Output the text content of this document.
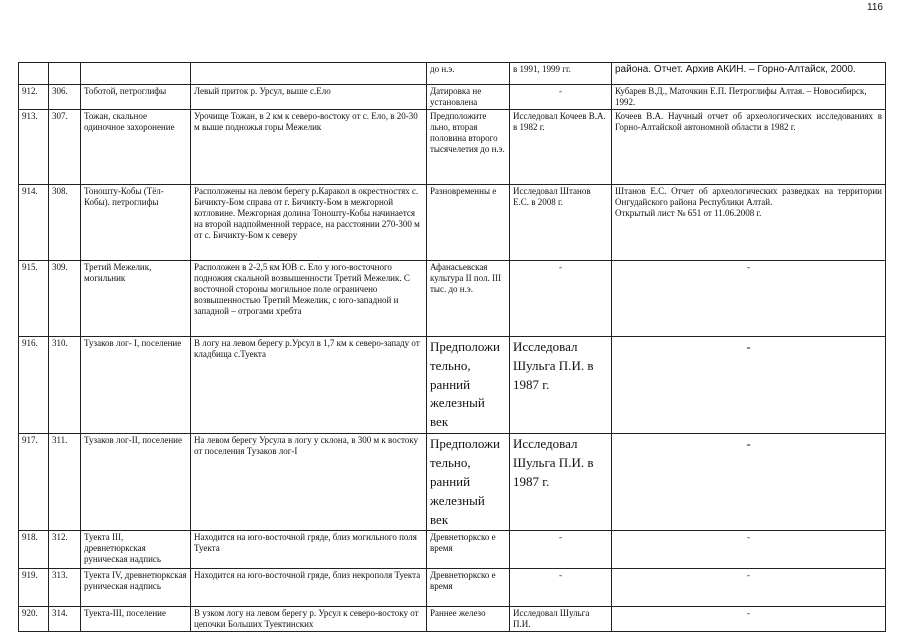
116
				до н.э.	в 1991, 1999 гг.	района. Отчет. Архив АКИН. – Горно-Алтайск, 2000.
912.	306.	Тоботой, петроглифы	Левый приток р. Урсул, выше с.Ело	Датировка не установлена	-	Кубарев В.Д., Маточкин Е.П. Петроглифы Алтая. – Новосибирск, 1992.
913.	307.	Тожан, скальное одиночное захоронение	Урочище Тожан, в 2 км к северо-востоку от с. Ело, в 20-30 м выше подножья горы Межелик	Предположите льно, вторая половина второго тысячелетия до н.э.	Исследовал Кочеев В.А. в 1982 г.	Кочеев В.А. Научный отчет об археологических исследованиях в Горно-Алтайской автономной области в 1982 г.
914.	308.	Тоношту-Кобы (Тёл-Кобы). петроглифы	Расположены на левом берегу р.Каракол в окрестностях с. Бичикту-Бом справа от г. Бичикту-Бом в межгорной котловине. Межгорная долина Тоношту-Кобы начинается на второй надпойменной террасе, на расстоянии 270-300 м от с. Бичикту-Бом к северу	Разновременны е	Исследовал Штанов Е.С. в 2008 г.	Штанов Е.С. Отчет об археологических разведках на территории Онгудайского района Республики Алтай.
Открытый лист № 651 от 11.06.2008 г.

915.	309.	Третий Межелик, могильник	Расположен в 2-2,5 км ЮВ с. Ело у юго-восточного подножия скальной возвышенности Третий Межелик. С восточной стороны могильное поле ограничено возвышенностью Третий Межелик, с юго-западной и западной – отрогами хребта	Афанасьевская культура II пол. III тыс. до н.э.	-	-
916.	310.	Тузаков лог- I, поселение	В логу на левом берегу р.Урсул в 1,7 км к северо-западу от кладбища с.Туекта	Предположи тельно, ранний железный век	Исследовал Шульга П.И. в 1987 г.	-
917.	311.	Тузаков лог-II, поселение	На левом берегу Урсула в логу у склона, в 300 м к востоку от поселения Тузаков лог-I	Предположи тельно, ранний железный век	Исследовал Шульга П.И. в 1987 г.	-
918.	312.	Туекта III, древнетюркская руническая надпись	Находится на юго-восточной гряде, близ могильного поля Туекта	Древнетюркско е время	-	-
919.	313.	Туекта IV, древнетюркская руническая надпись	Находится на юго-восточной гряде, близ некрополя Туекта	Древнетюркско е время	-	-
920.	314.	Туекта-III, поселение	В узком логу на левом берегу р. Урсул к северо-востоку от цепочки Больших Туектинских	Раннее железо	Исследовал Шульга П.И.	-
